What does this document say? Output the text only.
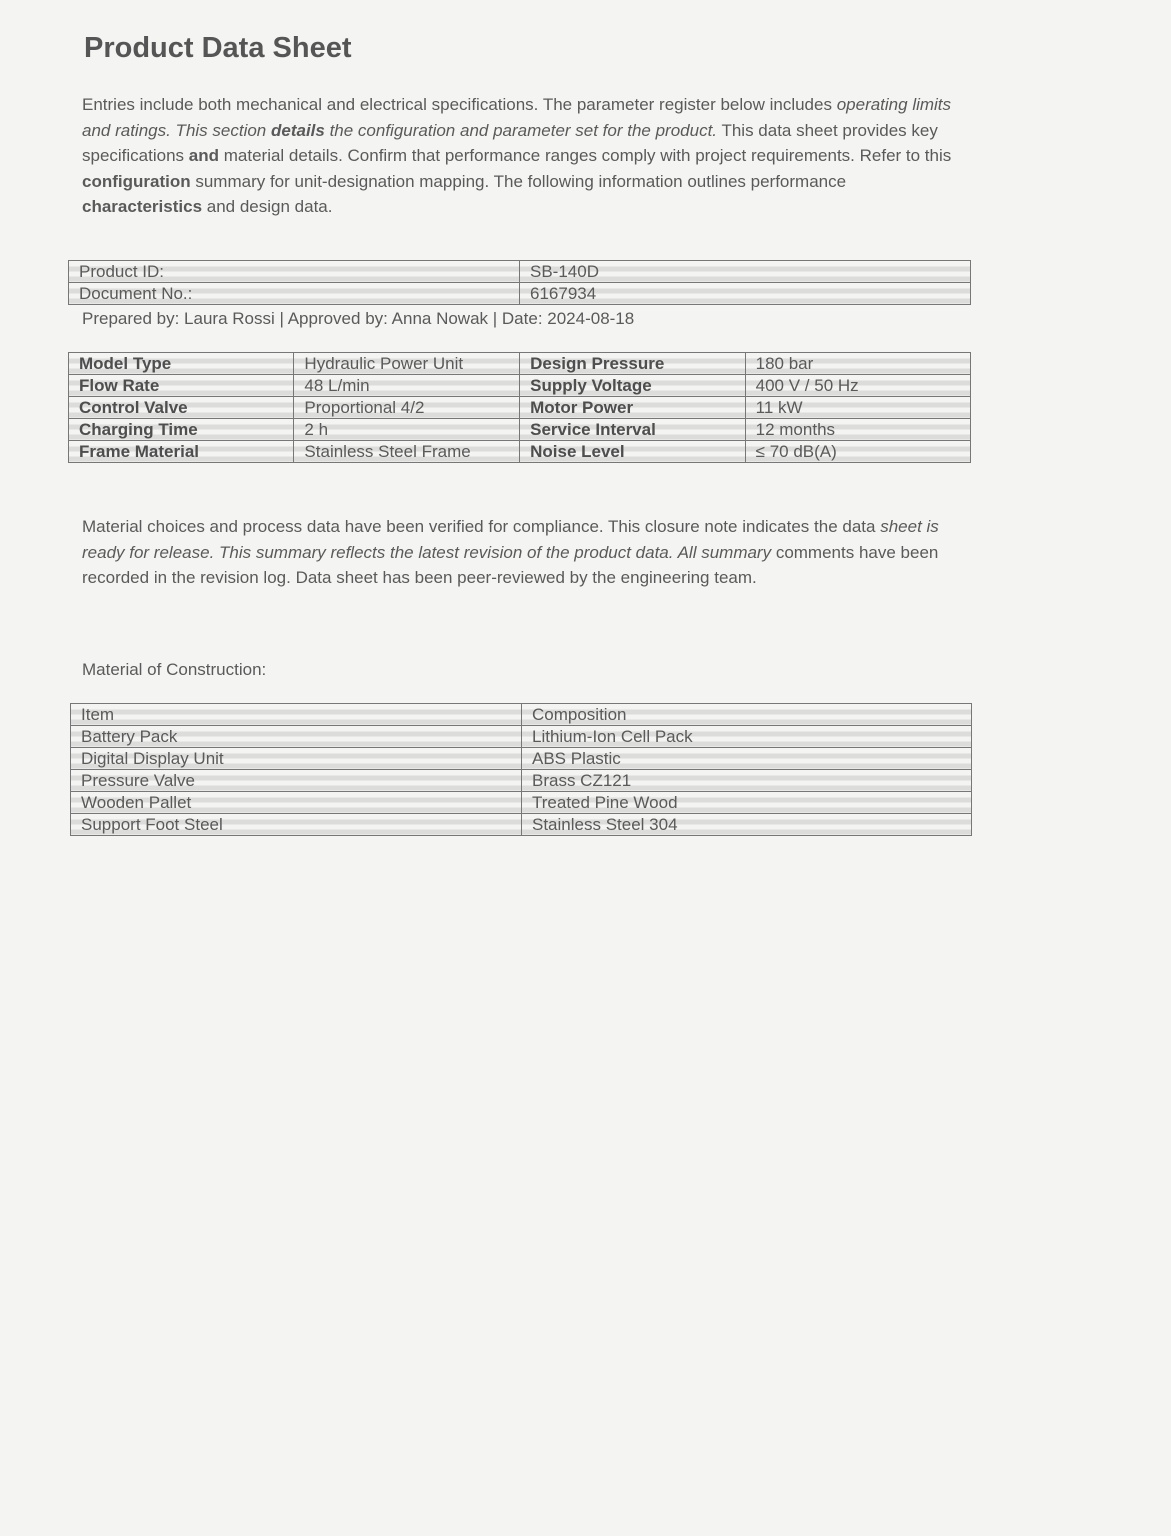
Product Data Sheet

Entries include both mechanical and electrical specifications. The parameter register below includes operating limits and ratings. This section details the configuration and parameter set for the product. This data sheet provides key specifications and material details. Confirm that performance ranges comply with project requirements. Refer to this configuration summary for unit-designation mapping. The following information outlines performance characteristics and design data.

Product ID:	SB-140D
Document No.:	6167934
Prepared by: Laura Rossi | Approved by: Anna Nowak | Date: 2024-08-18
Model Type	Hydraulic Power Unit	Design Pressure	180 bar
Flow Rate	48 L/min	Supply Voltage	400 V / 50 Hz
Control Valve	Proportional 4/2	Motor Power	11 kW
Charging Time	2 h	Service Interval	12 months
Frame Material	Stainless Steel Frame	Noise Level	≤ 70 dB(A)

Material choices and process data have been verified for compliance. This closure note indicates the data sheet is ready for release. This summary reflects the latest revision of the product data. All summary comments have been recorded in the revision log. Data sheet has been peer-reviewed by the engineering team.

Material of Construction:
Item	Composition
Battery Pack	Lithium-Ion Cell Pack
Digital Display Unit	ABS Plastic
Pressure Valve	Brass CZ121
Wooden Pallet	Treated Pine Wood
Support Foot Steel	Stainless Steel 304
